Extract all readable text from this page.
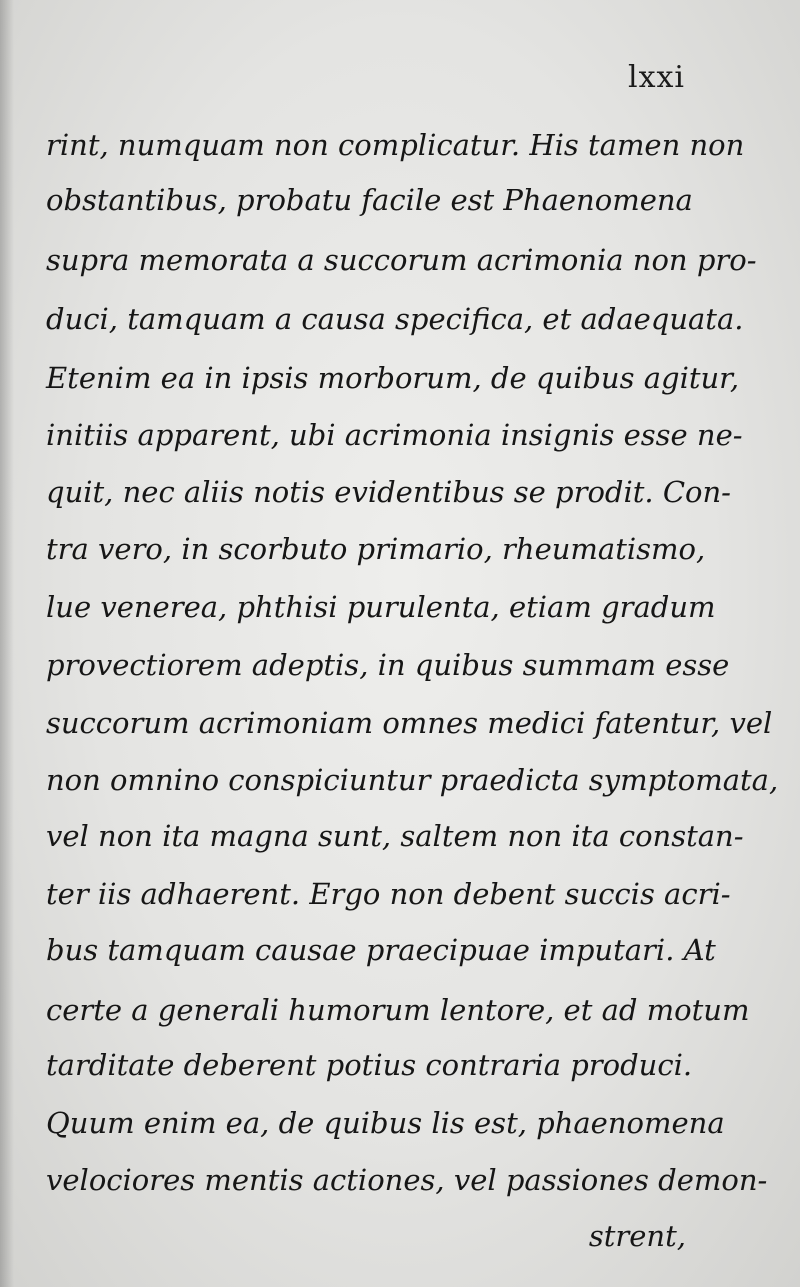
lxxi
rint, numquam non complicatur. His tamen non
obstantibus, probatu facile est Phaenomena
supra memorata a succorum acrimonia non pro-
duci, tamquam a causa specifica, et adaequata.
Etenim ea in ipsis morborum, de quibus agitur,
initiis apparent, ubi acrimonia insignis esse ne-
quit, nec aliis notis evidentibus se prodit. Con-
tra vero, in scorbuto primario, rheumatismo,
lue venerea, phthisi purulenta, etiam gradum
provectiorem adeptis, in quibus summam esse
succorum acrimoniam omnes medici fatentur, vel
non omnino conspiciuntur praedicta symptomata,
vel non ita magna sunt, saltem non ita constan-
ter iis adhaerent. Ergo non debent succis acri-
bus tamquam causae praecipuae imputari. At
certe a generali humorum lentore, et ad motum
tarditate deberent potius contraria produci.
Quum enim ea, de quibus lis est, phaenomena
velociores mentis actiones, vel passiones demon-
strent,
